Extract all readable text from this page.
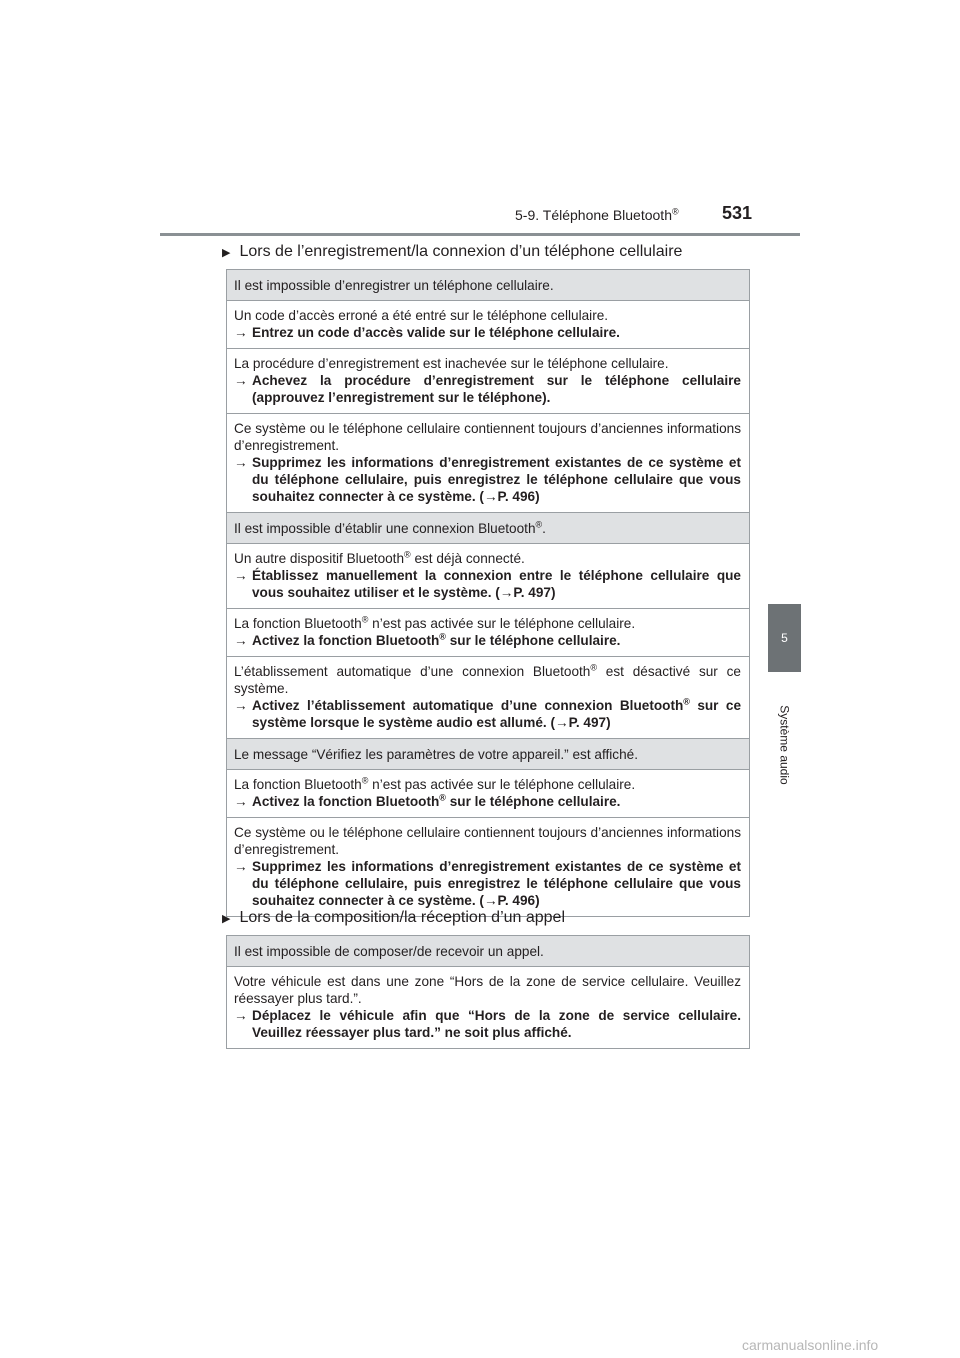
5-9. Téléphone Bluetooth® 531
5
Système audio
▶ Lors de l’enregistrement/la connexion d’un téléphone cellulaire
Il est impossible d’enregistrer un téléphone cellulaire.

Un code d’accès erroné a été entré sur le téléphone cellulaire.
→ Entrez un code d’accès valide sur le téléphone cellulaire.

La procédure d’enregistrement est inachevée sur le téléphone cellulaire.
→ Achevez la procédure d’enregistrement sur le téléphone cellulaire (approuvez l’enregistrement sur le téléphone).

Ce système ou le téléphone cellulaire contiennent toujours d’anciennes informations d’enregistrement.
→ Supprimez les informations d’enregistrement existantes de ce système et du téléphone cellulaire, puis enregistrez le téléphone cellulaire que vous souhaitez connecter à ce système. (→P. 496)

Il est impossible d’établir une connexion Bluetooth®.

Un autre dispositif Bluetooth® est déjà connecté.
→ Établissez manuellement la connexion entre le téléphone cellulaire que vous souhaitez utiliser et le système. (→P. 497)

La fonction Bluetooth® n’est pas activée sur le téléphone cellulaire.
→ Activez la fonction Bluetooth® sur le téléphone cellulaire.

L’établissement automatique d’une connexion Bluetooth® est désactivé sur ce système.
→ Activez l’établissement automatique d’une connexion Bluetooth® sur ce système lorsque le système audio est allumé. (→P. 497)

Le message “Vérifiez les paramètres de votre appareil.” est affiché.

La fonction Bluetooth® n’est pas activée sur le téléphone cellulaire.
→ Activez la fonction Bluetooth® sur le téléphone cellulaire.

Ce système ou le téléphone cellulaire contiennent toujours d’anciennes informations d’enregistrement.
→ Supprimez les informations d’enregistrement existantes de ce système et du téléphone cellulaire, puis enregistrez le téléphone cellulaire que vous souhaitez connecter à ce système. (→P. 496)
▶ Lors de la composition/la réception d’un appel
Il est impossible de composer/de recevoir un appel.

Votre véhicule est dans une zone “Hors de la zone de service cellulaire. Veuillez réessayer plus tard.”.
→ Déplacez le véhicule afin que “Hors de la zone de service cellulaire. Veuillez réessayer plus tard.” ne soit plus affiché.
carmanualsonline.info
